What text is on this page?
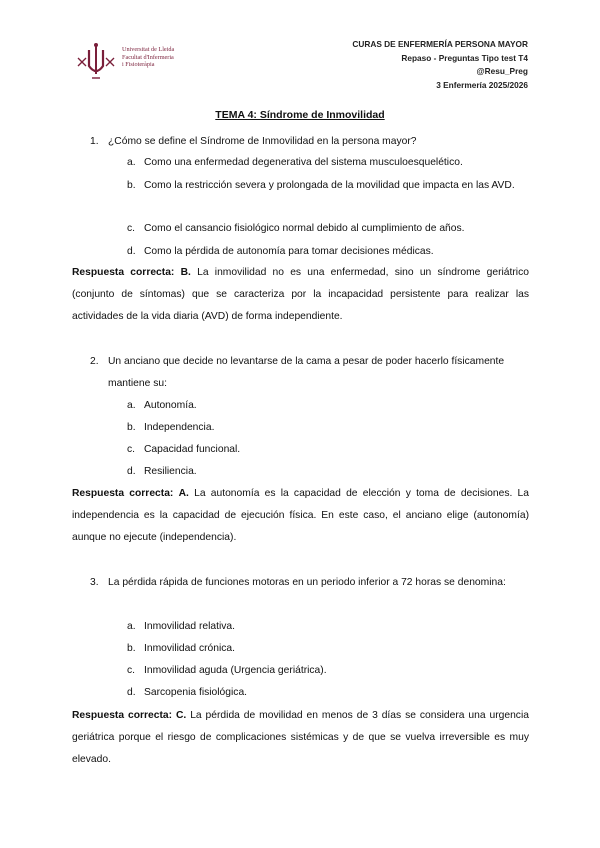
Universitat de Lleida
Facultat d'Infermeria
i Fisioteràpia
CURAS DE ENFERMERÍA PERSONA MAYOR
Repaso - Preguntas Tipo test T4
@Resu_Preg
3 Enfermería 2025/2026
TEMA 4: Síndrome de Inmovilidad
1. ¿Cómo se define el Síndrome de Inmovilidad en la persona mayor?
a. Como una enfermedad degenerativa del sistema musculoesquelético.
b. Como la restricción severa y prolongada de la movilidad que impacta en las AVD.
c. Como el cansancio fisiológico normal debido al cumplimiento de años.
d. Como la pérdida de autonomía para tomar decisiones médicas.
Respuesta correcta: B. La inmovilidad no es una enfermedad, sino un síndrome geriátrico (conjunto de síntomas) que se caracteriza por la incapacidad persistente para realizar las actividades de la vida diaria (AVD) de forma independiente.
2. Un anciano que decide no levantarse de la cama a pesar de poder hacerlo físicamente mantiene su:
a. Autonomía.
b. Independencia.
c. Capacidad funcional.
d. Resiliencia.
Respuesta correcta: A. La autonomía es la capacidad de elección y toma de decisiones. La independencia es la capacidad de ejecución física. En este caso, el anciano elige (autonomía) aunque no ejecute (independencia).
3. La pérdida rápida de funciones motoras en un periodo inferior a 72 horas se denomina:
a. Inmovilidad relativa.
b. Inmovilidad crónica.
c. Inmovilidad aguda (Urgencia geriátrica).
d. Sarcopenia fisiológica.
Respuesta correcta: C. La pérdida de movilidad en menos de 3 días se considera una urgencia geriátrica porque el riesgo de complicaciones sistémicas y de que se vuelva irreversible es muy elevado.
